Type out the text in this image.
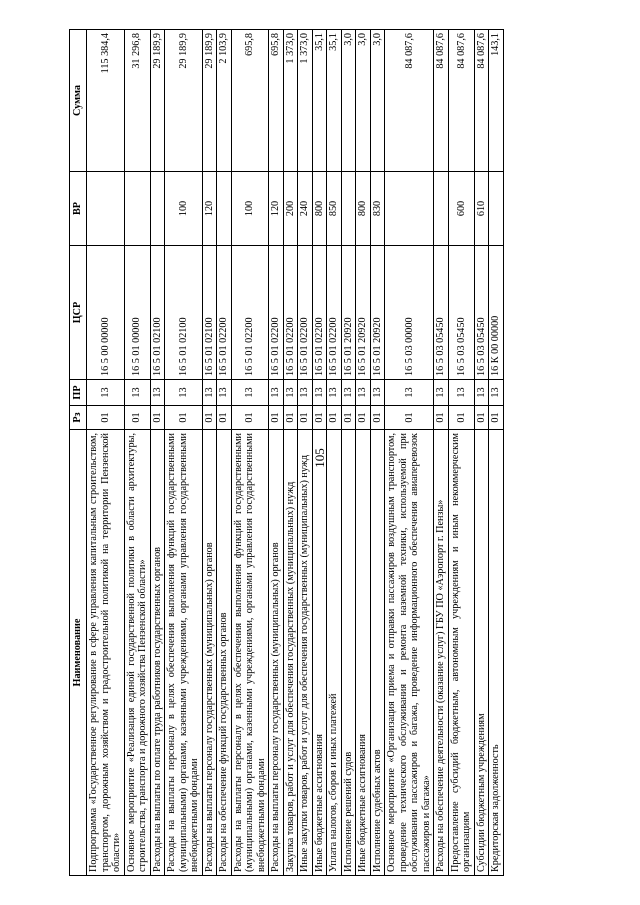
105
Наименование	Рз	ПР	ЦСР	ВР	Сумма
Подпрограмма «Государственное регулирование в сфере управления капитальным строительством, транспортом, дорожным хозяйством и градостроительной политикой на территории Пензенской области»	01	13	16 5 00 00000		115 384,4
Основное мероприятие «Реализация единой государственной политики в области архитектуры, строительства, транспорта и дорожного хозяйства Пензенской области»	01	13	16 5 01 00000		31 296,8
Расходы на выплаты по оплате труда работников государственных органов	01	13	16 5 01 02100		29 189,9
Расходы на выплаты персоналу в целях обеспечения выполнения функций государственными (муниципальными) органами, казенными учреждениями, органами управления государственными внебюджетными фондами	01	13	16 5 01 02100	100	29 189,9
Расходы на выплаты персоналу государственных (муниципальных) органов	01	13	16 5 01 02100	120	29 189,9
Расходы на обеспечение функций государственных органов	01	13	16 5 01 02200		2 103,9
Расходы на выплаты персоналу в целях обеспечения выполнения функций государственными (муниципальными) органами, казенными учреждениями, органами управления государственными внебюджетными фондами	01	13	16 5 01 02200	100	695,8
Расходы на выплаты персоналу государственных (муниципальных) органов	01	13	16 5 01 02200	120	695,8
Закупка товаров, работ и услуг для обеспечения государственных (муниципальных) нужд	01	13	16 5 01 02200	200	1 373,0
Иные закупки товаров, работ и услуг для обеспечения государственных (муниципальных) нужд	01	13	16 5 01 02200	240	1 373,0
Иные бюджетные ассигнования	01	13	16 5 01 02200	800	35,1
Уплата налогов, сборов и иных платежей	01	13	16 5 01 02200	850	35,1
Исполнение решений судов	01	13	16 5 01 20920		3,0
Иные бюджетные ассигнования	01	13	16 5 01 20920	800	3,0
Исполнение судебных актов	01	13	16 5 01 20920	830	3,0
Основное мероприятие «Организация приема и отправки пассажиров воздушным транспортом, проведение технического обслуживания и ремонта наземной техники, используемой при обслуживании пассажиров и багажа, проведение информационного обеспечения авиаперевозок пассажиров и багажа»	01	13	16 5 03 00000		84 087,6
Расходы на обеспечение деятельности (оказание услуг) ГБУ ПО «Аэропорт г. Пензы»	01	13	16 5 03 05450		84 087,6
Предоставление субсидий бюджетным, автономным учреждениям и иным некоммерческим организациям	01	13	16 5 03 05450	600	84 087,6
Субсидии бюджетным учреждениям	01	13	16 5 03 05450	610	84 087,6
Кредиторская задолженность	01	13	16 К 00 00000		143,1
